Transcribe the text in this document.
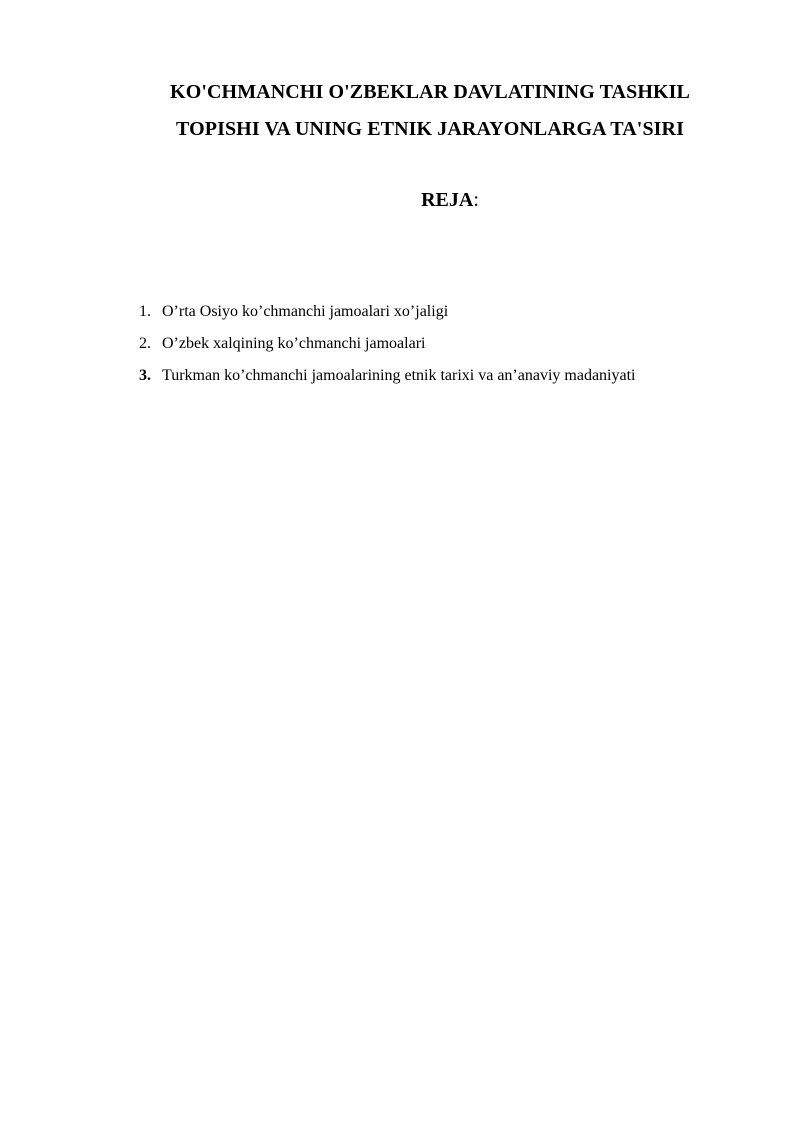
KO'CHMANCHI O'ZBEKLAR DAVLATINING TASHKIL
TOPISHI VA UNING ETNIK JARAYONLARGA TA'SIRI
REJA:
1. O’rta Osiyo ko’chmanchi jamoalari xo’jaligi
2. O’zbek xalqining ko’chmanchi jamoalari
3. Turkman ko’chmanchi jamoalarining etnik tarixi va an’anaviy madaniyati
